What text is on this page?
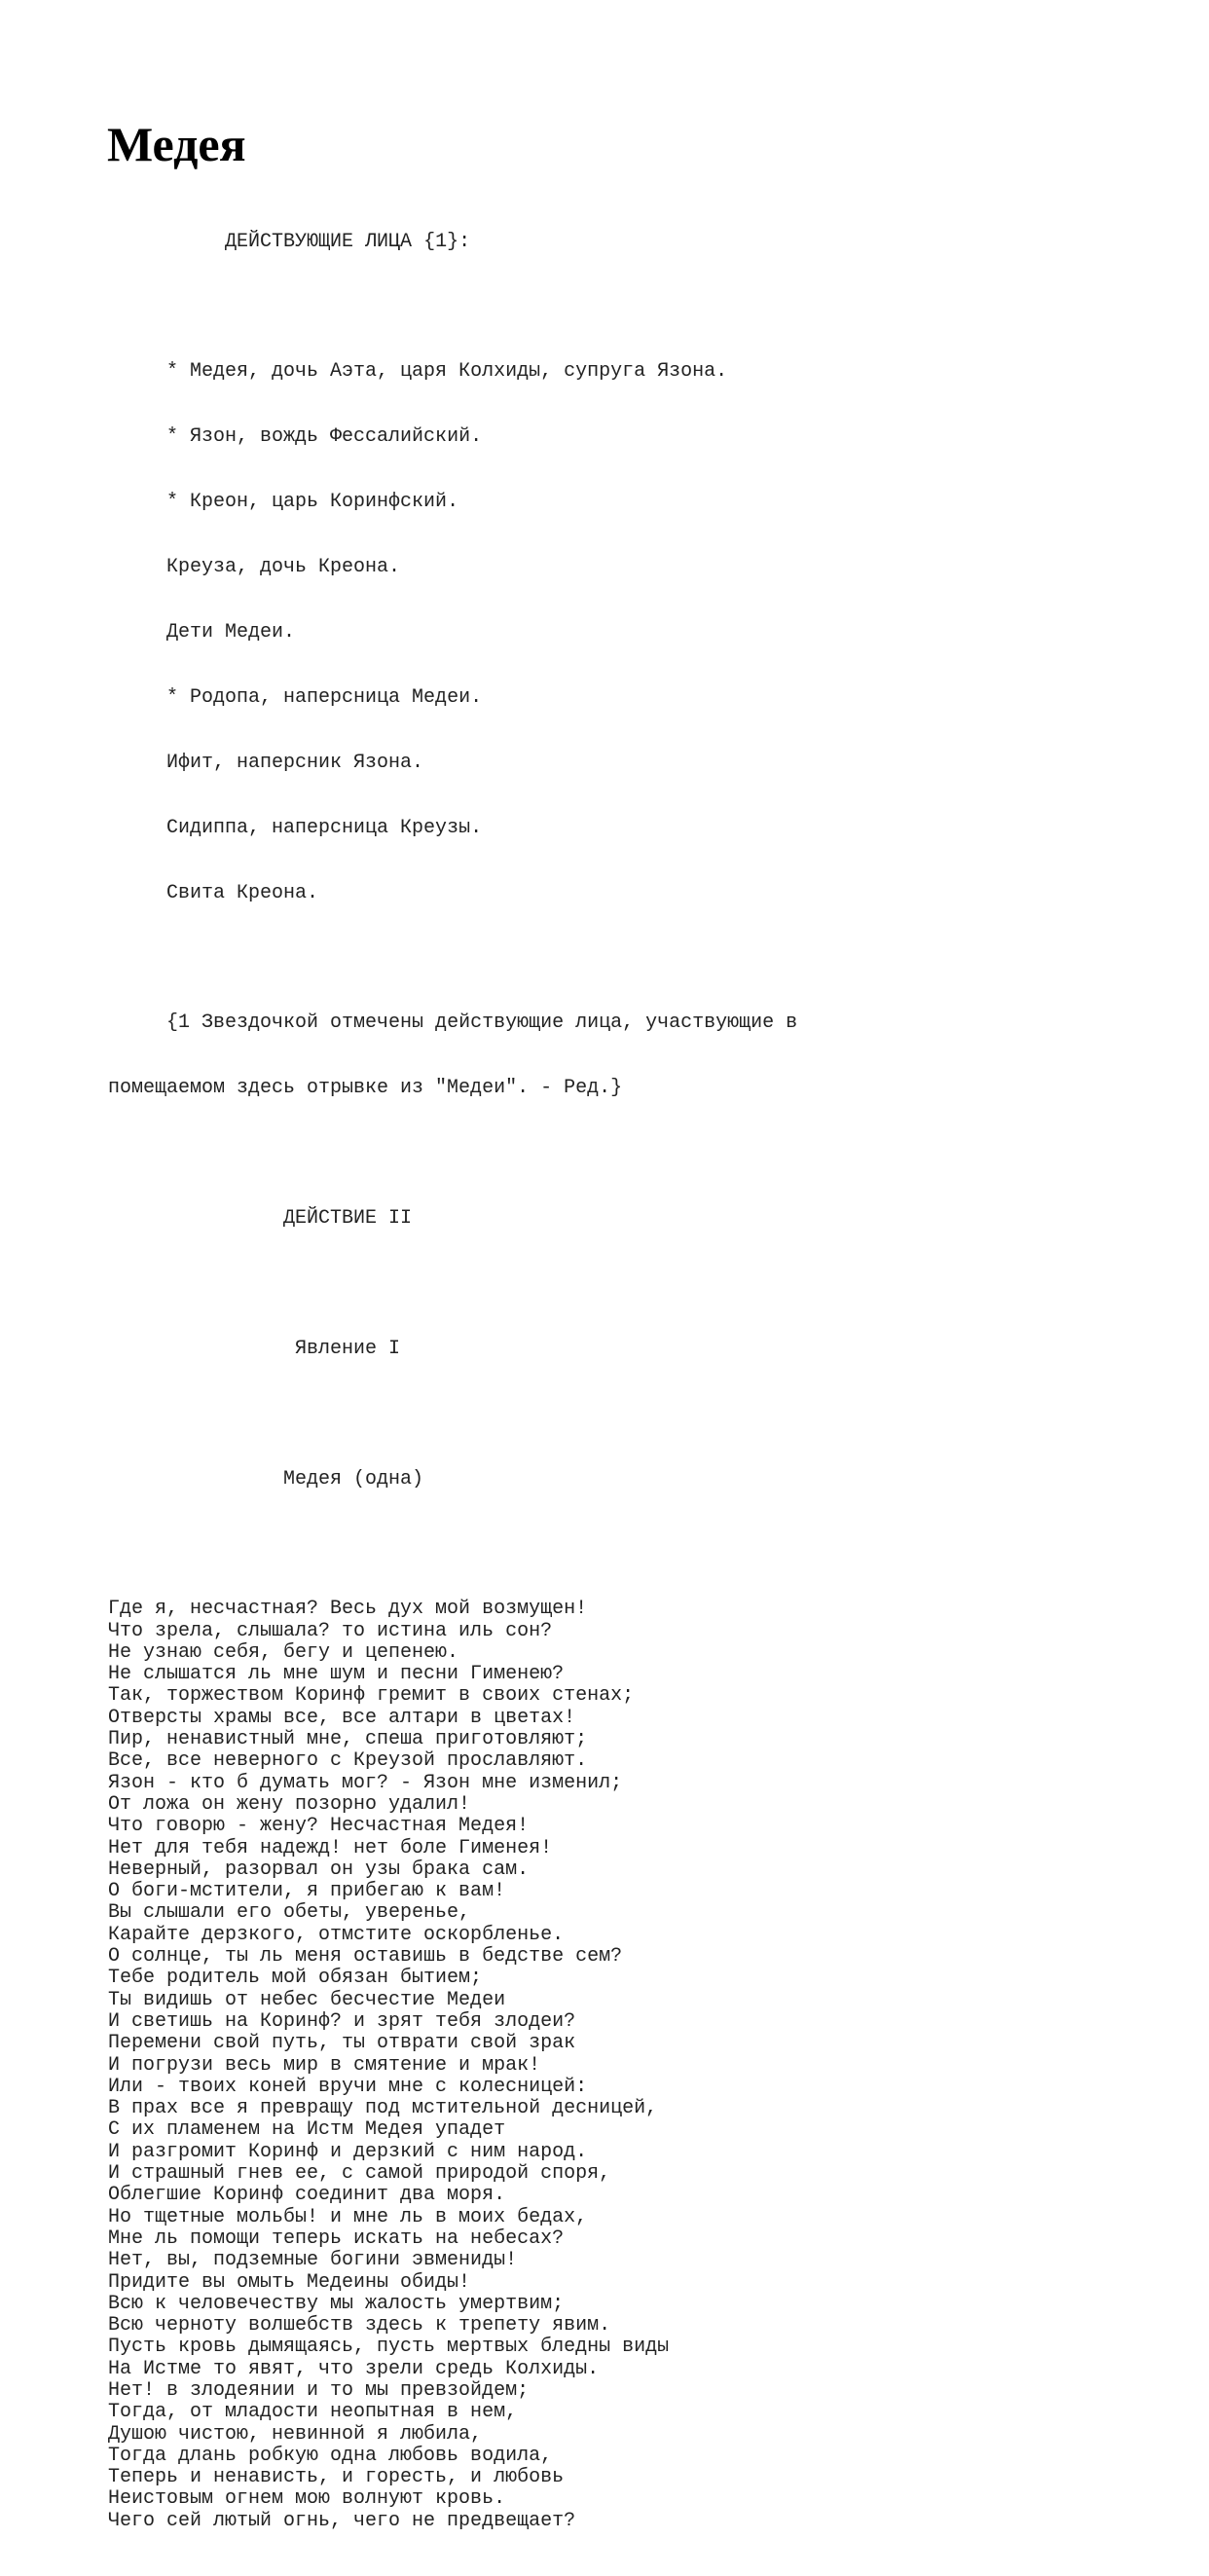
Медея

ДЕЙСТВУЮЩИЕ ЛИЦА {1}:

* Медея, дочь Аэта, царя Колхиды, супруга Язона.

* Язон, вождь Фессалийский.

* Креон, царь Коринфский.

Креуза, дочь Креона.

Дети Медеи.

* Родопа, наперсница Медеи.

Ифит, наперсник Язона.

Сидиппа, наперсница Креузы.

Свита Креона.

{1 Звездочкой отмечены действующие лица, участвующие в

помещаемом здесь отрывке из "Медеи". - Ред.}

ДЕЙСТВИЕ II

Явление I

Медея (одна)

Где я, несчастная? Весь дух мой возмущен!
Что зрела, слышала? то истина иль сон?
Не узнаю себя, бегу и цепенею.
Не слышатся ль мне шум и песни Гименею?
Так, торжеством Коринф гремит в своих стенах;
Отверсты храмы все, все алтари в цветах!
Пир, ненавистный мне, спеша приготовляют;
Все, все неверного с Креузой прославляют.
Язон - кто б думать мог? - Язон мне изменил;
От ложа он жену позорно удалил!
Что говорю - жену? Несчастная Медея!
Нет для тебя надежд! нет боле Гименея!
Неверный, разорвал он узы брака сам.
О боги-мстители, я прибегаю к вам!
Вы слышали его обеты, уверенье,
Карайте дерзкого, отмстите оскорбленье.
О солнце, ты ль меня оставишь в бедстве сем?
Тебе родитель мой обязан бытием;
Ты видишь от небес бесчестие Медеи
И светишь на Коринф? и зрят тебя злодеи?
Перемени свой путь, ты отврати свой зрак
И погрузи весь мир в смятение и мрак!
Или - твоих коней вручи мне с колесницей:
В прах все я превращу под мстительной десницей,
С их пламенем на Истм Медея упадет
И разгромит Коринф и дерзкий с ним народ.
И страшный гнев ее, с самой природой споря,
Облегшие Коринф соединит два моря.
Но тщетные мольбы! и мне ль в моих бедах,
Мне ль помощи теперь искать на небесах?
Нет, вы, подземные богини эвмениды!
Придите вы омыть Медеины обиды!
Всю к человечеству мы жалость умертвим;
Всю черноту волшебств здесь к трепету явим.
Пусть кровь дымящаясь, пусть мертвых бледны виды
На Истме то явят, что зрели средь Колхиды.
Нет! в злодеянии и то мы превзойдем;
Тогда, от младости неопытная в нем,
Душою чистою, невинной я любила,
Тогда длань робкую одна любовь водила,
Теперь и ненависть, и горесть, и любовь
Неистовым огнем мою волнуют кровь.
Чего сей лютый огнь, чего не предвещает?
